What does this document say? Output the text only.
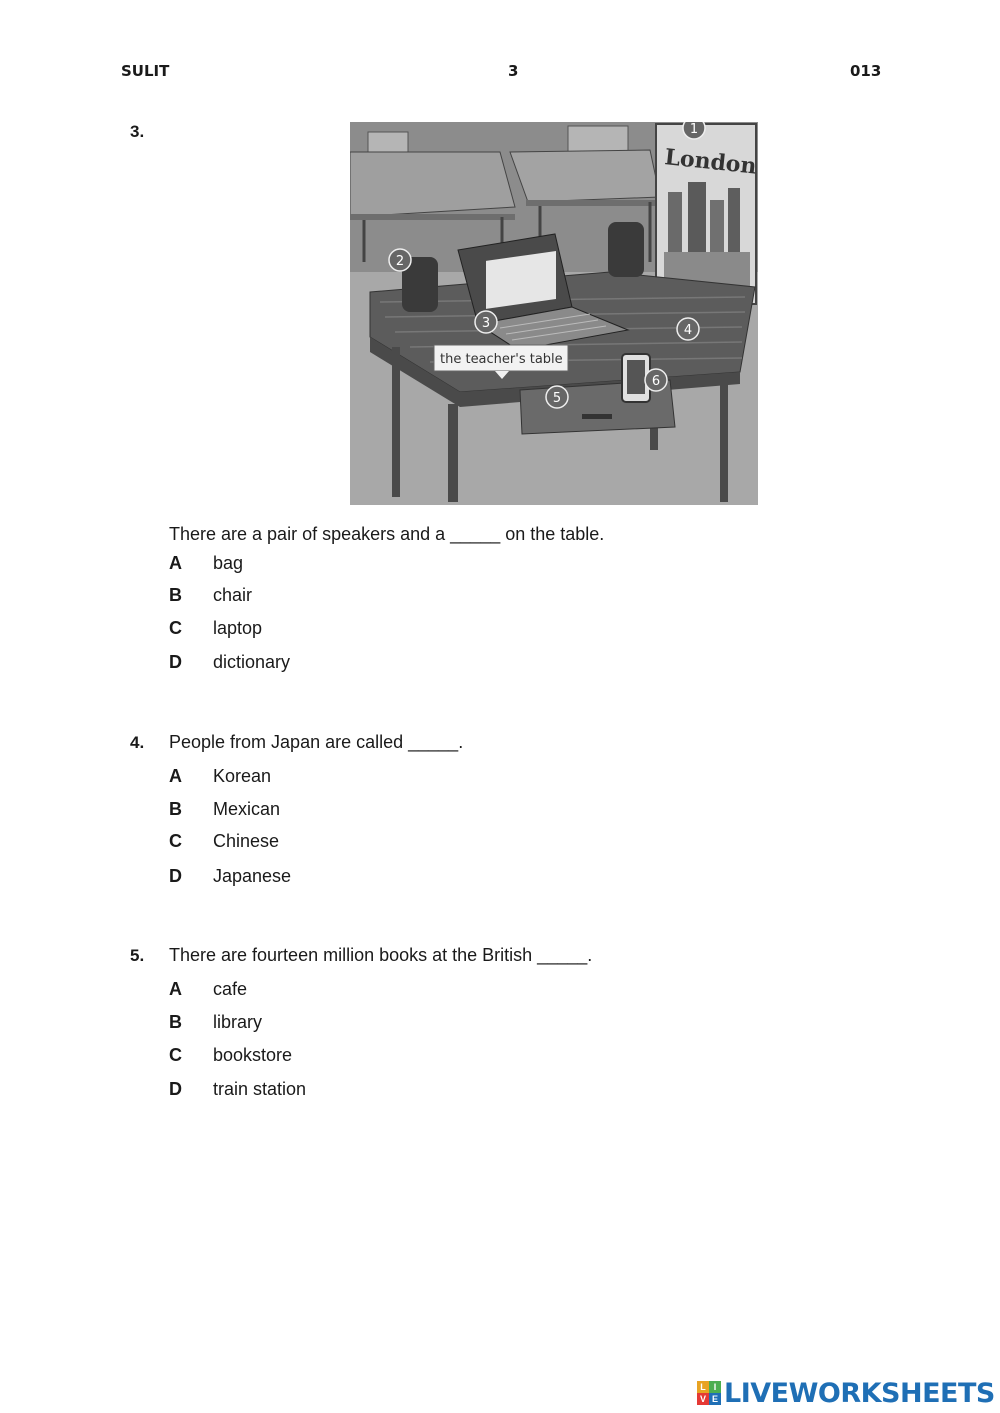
SULIT	3	013
3.
London
the teacher's table
1
2
3	4
5
6
There are a pair of speakers and a _____ on the table.
A bag
B chair
C laptop
D dictionary
4. People from Japan are called _____.
A Korean
B Mexican
C Chinese
D Japanese
5. There are fourteen million books at the British _____.
A cafe
B library
C bookstore
D train station
L I
V E LIVEWORKSHEETS
